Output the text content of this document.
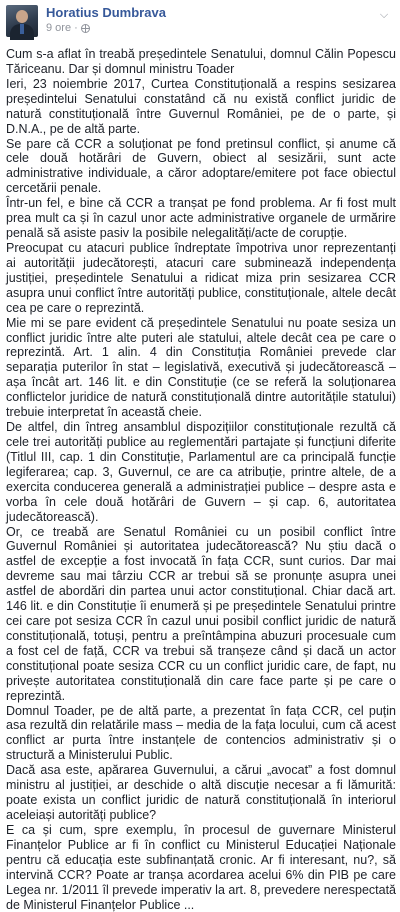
Horatius Dumbrava
9 ore ·
⌵

Cum s-a aflat în treabă președintele Senatului, domnul Călin Popescu Tăriceanu. Dar și domnul ministru Toader

Ieri, 23 noiembrie 2017, Curtea Constituțională a respins sesizarea președintelui Senatului constatând că nu există conflict juridic de natură constituțională între Guvernul României, pe de o parte, și D.N.A., pe de altă parte.

Se pare că CCR a soluționat pe fond pretinsul conflict, și anume că cele două hotărâri de Guvern, obiect al sesizării, sunt acte administrative individuale, a căror adoptare/emitere pot face obiectul cercetării penale.

Într-un fel, e bine că CCR a tranșat pe fond problema. Ar fi fost mult prea mult ca și în cazul unor acte administrative organele de urmărire penală să asiste pasiv la posibile nelegalități/acte de corupție.

Preocupat cu atacuri publice îndreptate împotriva unor reprezentanți ai autorității judecătorești, atacuri care subminează independența justiției, președintele Senatului a ridicat miza prin sesizarea CCR asupra unui conflict între autorități publice, constituționale, altele decât cea pe care o reprezintă.

Mie mi se pare evident că președintele Senatului nu poate sesiza un conflict juridic între alte puteri ale statului, altele decât cea pe care o reprezintă. Art. 1 alin. 4 din Constituția României prevede clar separația puterilor în stat – legislativă, executivă și judecătorească – așa încât art. 146 lit. e din Constituție (ce se referă la soluționarea conflictelor juridice de natură constituțională dintre autoritățile statului) trebuie interpretat în această cheie.

De altfel, din întreg ansamblul dispozițiilor constituționale rezultă că cele trei autorități publice au reglementări partajate și funcțiuni diferite (Titlul III, cap. 1 din Constituție, Parlamentul are ca principală funcție legiferarea; cap. 3, Guvernul, ce are ca atribuție, printre altele, de a exercita conducerea generală a administrației publice – despre asta e vorba în cele două hotărâri de Guvern – și cap. 6, autoritatea judecătorească).

Or, ce treabă are Senatul României cu un posibil conflict între Guvernul României și autoritatea judecătorească? Nu știu dacă o astfel de excepție a fost invocată în fața CCR, sunt curios. Dar mai devreme sau mai târziu CCR ar trebui să se pronunțe asupra unei astfel de abordări din partea unui actor constituțional. Chiar dacă art. 146 lit. e din Constituție îi enumeră și pe președintele Senatului printre cei care pot sesiza CCR în cazul unui posibil conflict juridic de natură constituțională, totuși, pentru a preîntâmpina abuzuri procesuale cum a fost cel de față, CCR va trebui să tranșeze când și dacă un actor constituțional poate sesiza CCR cu un conflict juridic care, de fapt, nu privește autoritatea constituțională din care face parte și pe care o reprezintă.

Domnul Toader, pe de altă parte, a prezentat în fața CCR, cel puțin asa rezultă din relatările mass – media de la fața locului, cum că acest conflict ar purta între instanțele de contencios administrativ și o structură a Ministerului Public.

Dacă asa este, apărarea Guvernului, a cărui „avocat” a fost domnul ministru al justiției, ar deschide o altă discuție necesar a fi lămurită: poate exista un conflict juridic de natură constituțională în interiorul aceleiași autorități publice?

E ca și cum, spre exemplu, în procesul de guvernare Ministerul Finanțelor Publice ar fi în conflict cu Ministerul Educației Naționale pentru că educația este subfinanțată cronic. Ar fi interesant, nu?, să intervină CCR? Poate ar tranșa acordarea acelui 6% din PIB pe care Legea nr. 1/2011 îl prevede imperativ la art. 8, prevedere nerespectată de Ministerul Finanțelor Publice ...
